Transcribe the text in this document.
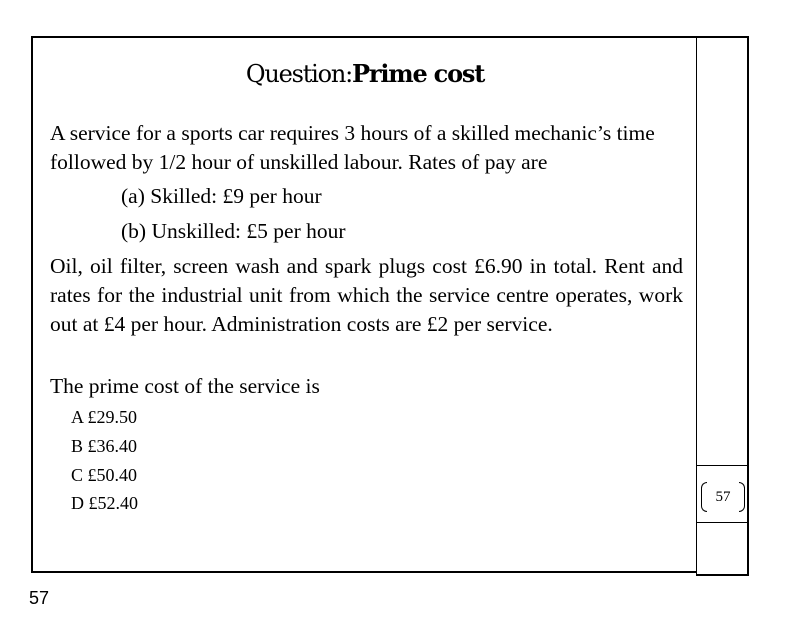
57
Question:Prime cost
A service for a sports car requires 3 hours of a skilled mechanic’s time followed by 1/2 hour of unskilled labour. Rates of pay are
(a) Skilled: £9 per hour
(b) Unskilled: £5 per hour
Oil, oil filter, screen wash and spark plugs cost £6.90 in total. Rent and rates for the industrial unit from which the service centre operates, work out at £4 per hour. Administration costs are £2 per service.
The prime cost of the service is
A £29.50
B £36.40
C £50.40
D £52.40
57
